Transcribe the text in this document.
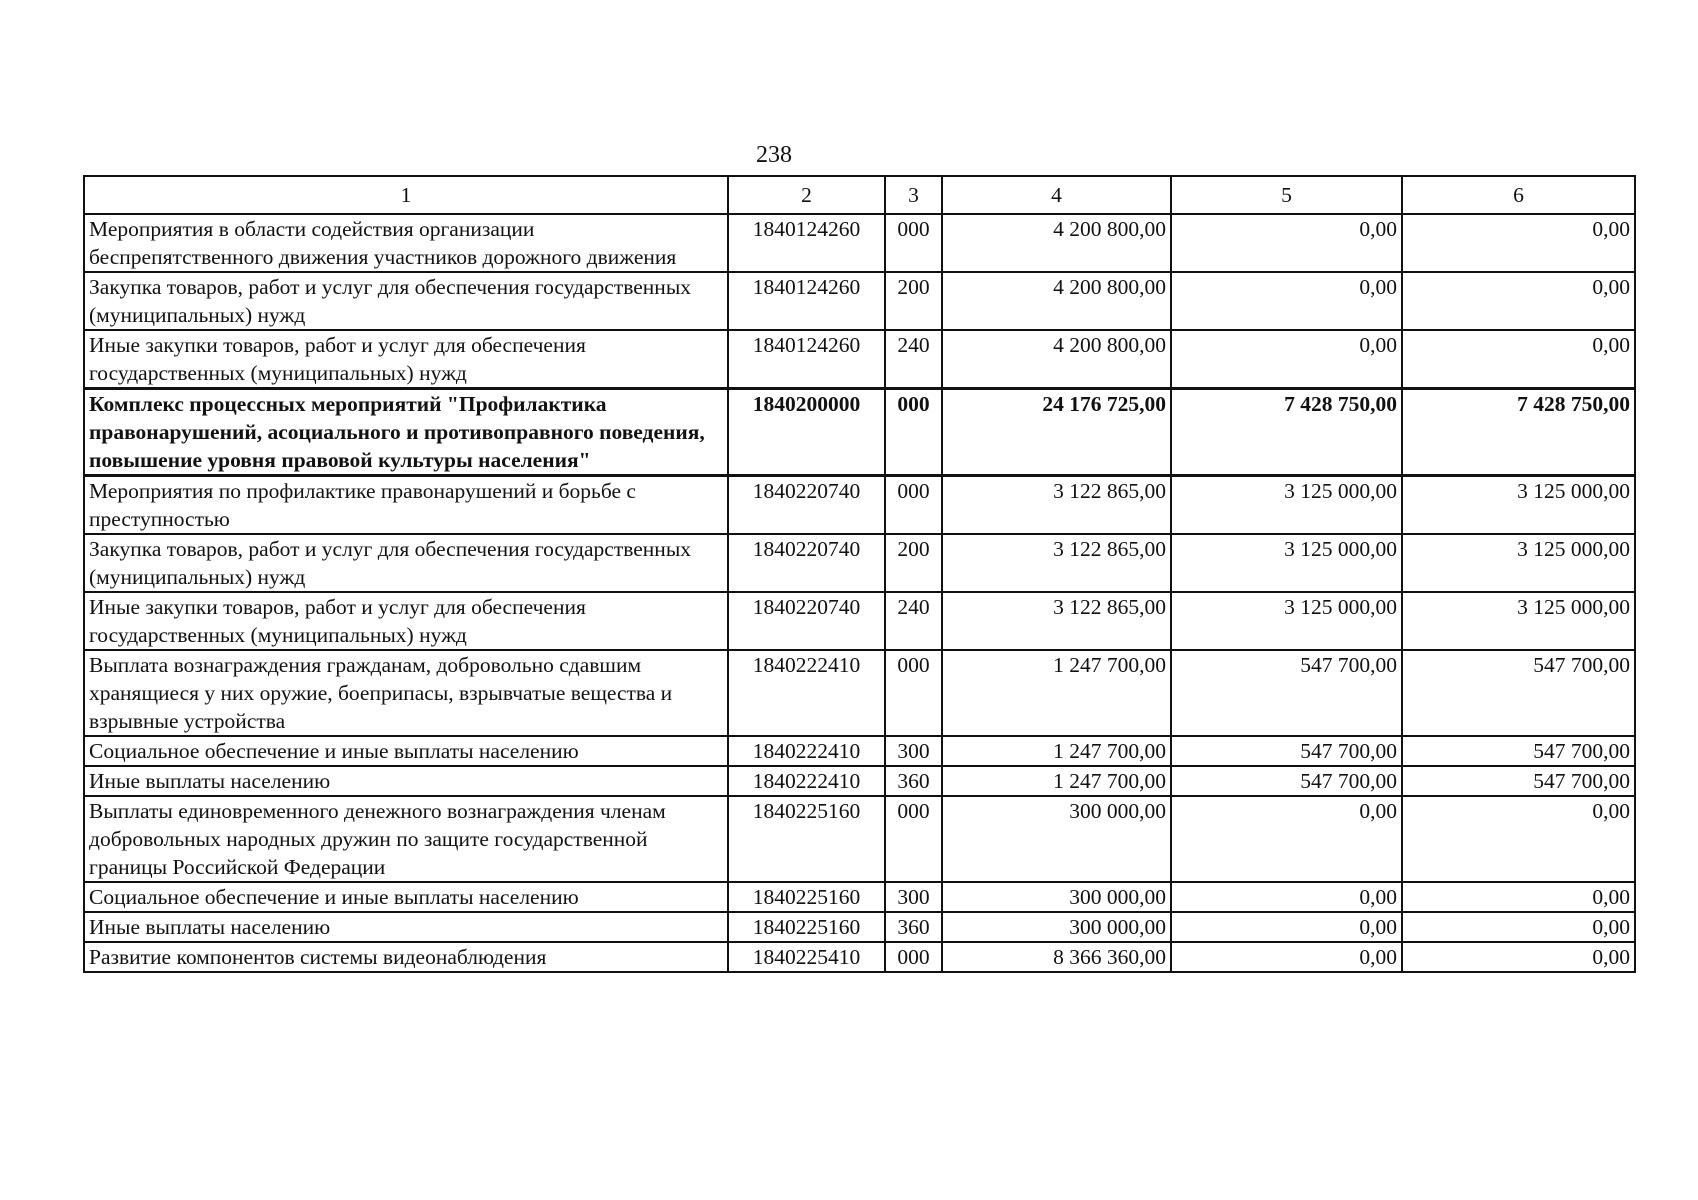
238
1	2	3	4	5	6
Мероприятия в области содействия организации беспрепятственного движения участников дорожного движения	1840124260	000	4 200 800,00	0,00	0,00
Закупка товаров, работ и услуг для обеспечения государственных (муниципальных) нужд	1840124260	200	4 200 800,00	0,00	0,00
Иные закупки товаров, работ и услуг для обеспечения государственных (муниципальных) нужд	1840124260	240	4 200 800,00	0,00	0,00
Комплекс процессных мероприятий "Профилактика правонарушений, асоциального и противоправного поведения, повышение уровня правовой культуры населения"	1840200000	000	24 176 725,00	7 428 750,00	7 428 750,00
Мероприятия по профилактике правонарушений и борьбе с преступностью	1840220740	000	3 122 865,00	3 125 000,00	3 125 000,00
Закупка товаров, работ и услуг для обеспечения государственных (муниципальных) нужд	1840220740	200	3 122 865,00	3 125 000,00	3 125 000,00
Иные закупки товаров, работ и услуг для обеспечения государственных (муниципальных) нужд	1840220740	240	3 122 865,00	3 125 000,00	3 125 000,00
Выплата вознаграждения гражданам, добровольно сдавшим хранящиеся у них оружие, боеприпасы, взрывчатые вещества и взрывные устройства	1840222410	000	1 247 700,00	547 700,00	547 700,00
Социальное обеспечение и иные выплаты населению	1840222410	300	1 247 700,00	547 700,00	547 700,00
Иные выплаты населению	1840222410	360	1 247 700,00	547 700,00	547 700,00
Выплаты единовременного денежного вознаграждения членам добровольных народных дружин по защите государственной границы Российской Федерации	1840225160	000	300 000,00	0,00	0,00
Социальное обеспечение и иные выплаты населению	1840225160	300	300 000,00	0,00	0,00
Иные выплаты населению	1840225160	360	300 000,00	0,00	0,00
Развитие компонентов системы видеонаблюдения	1840225410	000	8 366 360,00	0,00	0,00
